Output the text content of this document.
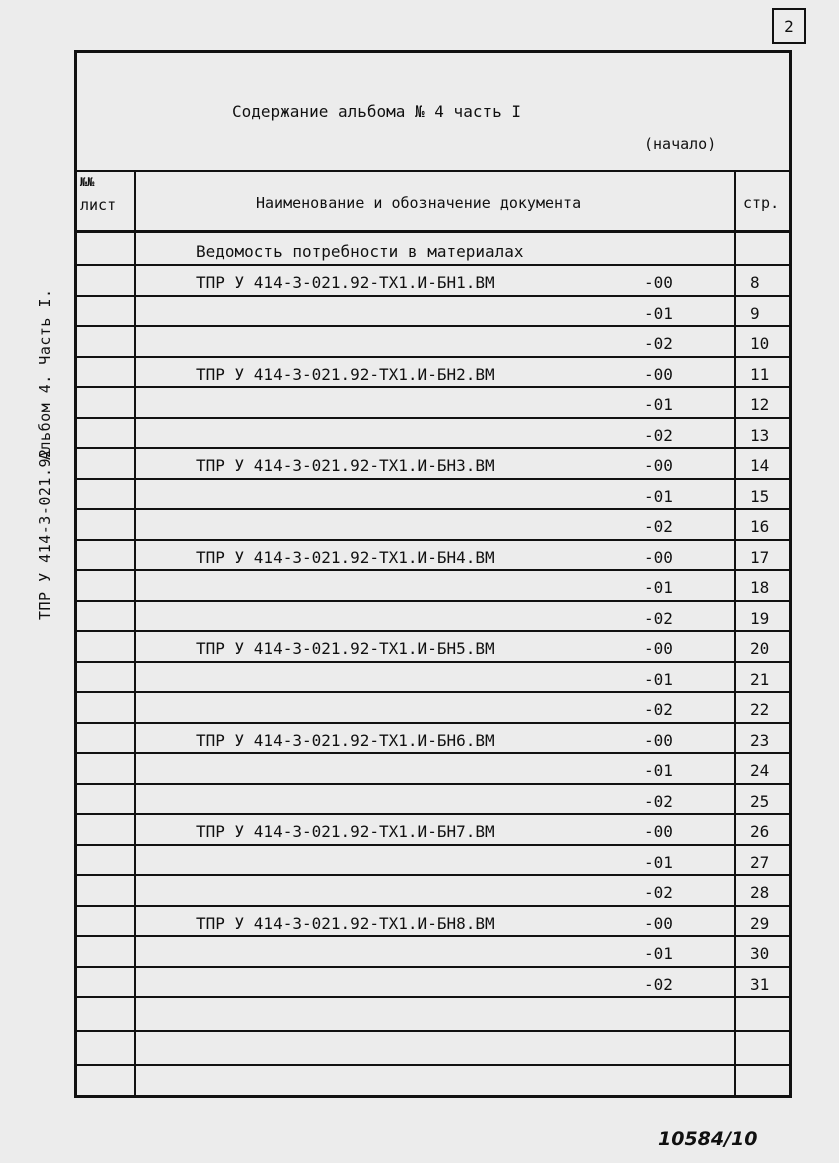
2
ТПР У 414-3-021.92Альбом 4. Часть I.
Содержание альбома № 4 часть I
(начало)
№№
лист	Наименование и обозначение документа	стр.
Ведомость потребности в материалах
ТПР У 414-3-021.92-ТХ1.И-БН1.ВМ	-00	8
-01	9
-02	10
ТПР У 414-3-021.92-ТХ1.И-БН2.ВМ	-00	11
-01	12
-02	13
ТПР У 414-3-021.92-ТХ1.И-БН3.ВМ	-00	14
-01	15
-02	16
ТПР У 414-3-021.92-ТХ1.И-БН4.ВМ	-00	17
-01	18
-02	19
ТПР У 414-3-021.92-ТХ1.И-БН5.ВМ	-00	20
-01	21
-02	22
ТПР У 414-3-021.92-ТХ1.И-БН6.ВМ	-00	23
-01	24
-02	25
ТПР У 414-3-021.92-ТХ1.И-БН7.ВМ	-00	26
-01	27
-02	28
ТПР У 414-3-021.92-ТХ1.И-БН8.ВМ	-00	29
-01	30
-02	31
10584/10
